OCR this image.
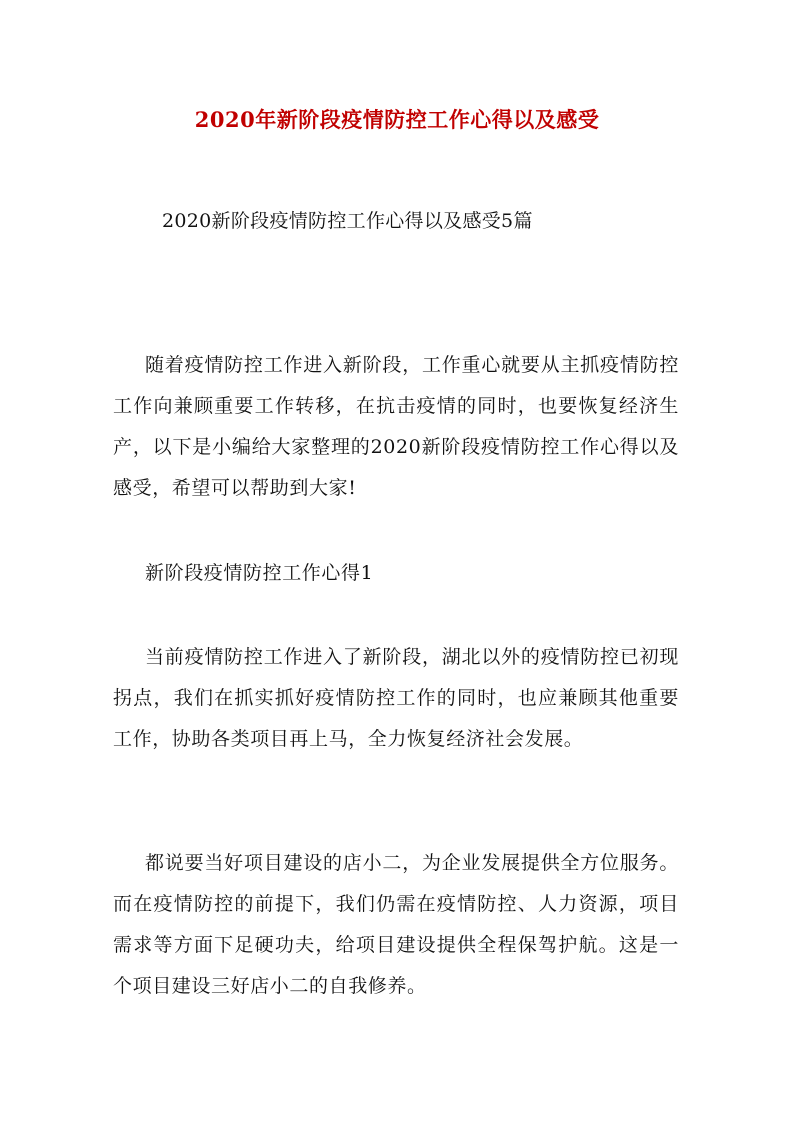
2020年新阶段疫情防控工作心得以及感受
2020新阶段疫情防控工作心得以及感受5篇

随着疫情防控工作进入新阶段，工作重心就要从主抓疫情防控工作向兼顾重要工作转移，在抗击疫情的同时，也要恢复经济生产，以下是小编给大家整理的2020新阶段疫情防控工作心得以及感受，希望可以帮助到大家!

新阶段疫情防控工作心得1

当前疫情防控工作进入了新阶段，湖北以外的疫情防控已初现拐点，我们在抓实抓好疫情防控工作的同时，也应兼顾其他重要工作，协助各类项目再上马，全力恢复经济社会发展。

都说要当好项目建设的店小二，为企业发展提供全方位服务。而在疫情防控的前提下，我们仍需在疫情防控、人力资源，项目需求等方面下足硬功夫，给项目建设提供全程保驾护航。这是一个项目建设三好店小二的自我修养。
